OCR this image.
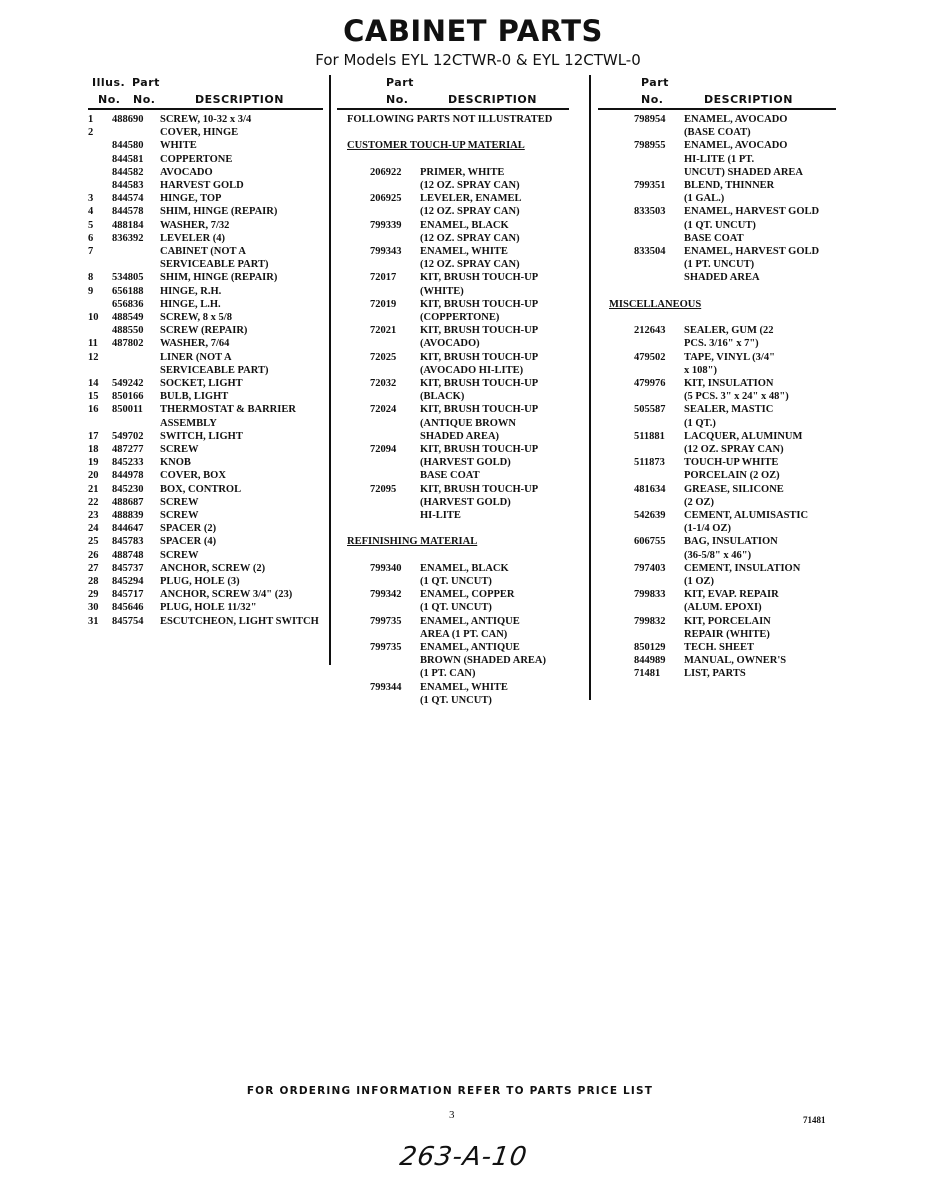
CABINET PARTS
For Models EYL 12CTWR-0 & EYL 12CTWL-0
Illus. Part
No. No.	DESCRIPTION
Part
No.	DESCRIPTION
Part
No.	DESCRIPTION
1 488690 SCREW, 10-32 x 3/4
2	COVER, HINGE
844580 WHITE
844581 COPPERTONE
844582 AVOCADO
844583 HARVEST GOLD
3 844574 HINGE, TOP
4 844578 SHIM, HINGE (REPAIR)
5 488184 WASHER, 7/32
6 836392 LEVELER (4)
7	CABINET (NOT A
SERVICEABLE PART)
8 534805 SHIM, HINGE (REPAIR)
9 656188 HINGE, R.H.
656836 HINGE, L.H.
10 488549 SCREW, 8 x 5/8
488550 SCREW (REPAIR)
11 487802 WASHER, 7/64
12	LINER (NOT A
SERVICEABLE PART)
14 549242 SOCKET, LIGHT
15 850166 BULB, LIGHT
16 850011 THERMOSTAT & BARRIER
ASSEMBLY
17 549702 SWITCH, LIGHT
18 487277 SCREW
19 845233 KNOB
20 844978 COVER, BOX
21 845230 BOX, CONTROL
22 488687 SCREW
23 488839 SCREW
24 844647 SPACER (2)
25 845783 SPACER (4)
26 488748 SCREW
27 845737 ANCHOR, SCREW (2)
28 845294 PLUG, HOLE (3)
29 845717 ANCHOR, SCREW 3/4" (23)
30 845646 PLUG, HOLE 11/32"
31 845754 ESCUTCHEON, LIGHT SWITCH
FOLLOWING PARTS NOT ILLUSTRATED
CUSTOMER TOUCH-UP MATERIAL
206922 PRIMER, WHITE
(12 OZ. SPRAY CAN)
206925 LEVELER, ENAMEL
(12 OZ. SPRAY CAN)
799339 ENAMEL, BLACK
(12 OZ. SPRAY CAN)
799343 ENAMEL, WHITE
(12 OZ. SPRAY CAN)
72017 KIT, BRUSH TOUCH-UP
(WHITE)
72019 KIT, BRUSH TOUCH-UP
(COPPERTONE)
72021 KIT, BRUSH TOUCH-UP
(AVOCADO)
72025 KIT, BRUSH TOUCH-UP
(AVOCADO HI-LITE)
72032 KIT, BRUSH TOUCH-UP
(BLACK)
72024 KIT, BRUSH TOUCH-UP
(ANTIQUE BROWN
SHADED AREA)
72094 KIT, BRUSH TOUCH-UP
(HARVEST GOLD)
BASE COAT
72095 KIT, BRUSH TOUCH-UP
(HARVEST GOLD)
HI-LITE
REFINISHING MATERIAL
799340 ENAMEL, BLACK
(1 QT. UNCUT)
799342 ENAMEL, COPPER
(1 QT. UNCUT)
799735 ENAMEL, ANTIQUE
AREA (1 PT. CAN)
799735 ENAMEL, ANTIQUE
BROWN (SHADED AREA)
(1 PT. CAN)
799344 ENAMEL, WHITE
(1 QT. UNCUT)
798954 ENAMEL, AVOCADO
(BASE COAT)
798955 ENAMEL, AVOCADO
HI-LITE (1 PT.
UNCUT) SHADED AREA
799351 BLEND, THINNER
(1 GAL.)
833503 ENAMEL, HARVEST GOLD
(1 QT. UNCUT)
BASE COAT
833504 ENAMEL, HARVEST GOLD
(1 PT. UNCUT)
SHADED AREA
MISCELLANEOUS
212643 SEALER, GUM (22
PCS. 3/16" x 7")
479502 TAPE, VINYL (3/4"
x 108")
479976 KIT, INSULATION
(5 PCS. 3" x 24" x 48")
505587 SEALER, MASTIC
(1 QT.)
511881 LACQUER, ALUMINUM
(12 OZ. SPRAY CAN)
511873 TOUCH-UP WHITE
PORCELAIN (2 OZ)
481634 GREASE, SILICONE
(2 OZ)
542639 CEMENT, ALUMISASTIC
(1-1/4 OZ)
606755 BAG, INSULATION
(36-5/8" x 46")
797403 CEMENT, INSULATION
(1 OZ)
799833 KIT, EVAP. REPAIR
(ALUM. EPOXI)
799832 KIT, PORCELAIN
REPAIR (WHITE)
850129 TECH. SHEET
844989 MANUAL, OWNER'S
71481 LIST, PARTS
FOR ORDERING INFORMATION REFER TO PARTS PRICE LIST
3	71481
263-A-10
